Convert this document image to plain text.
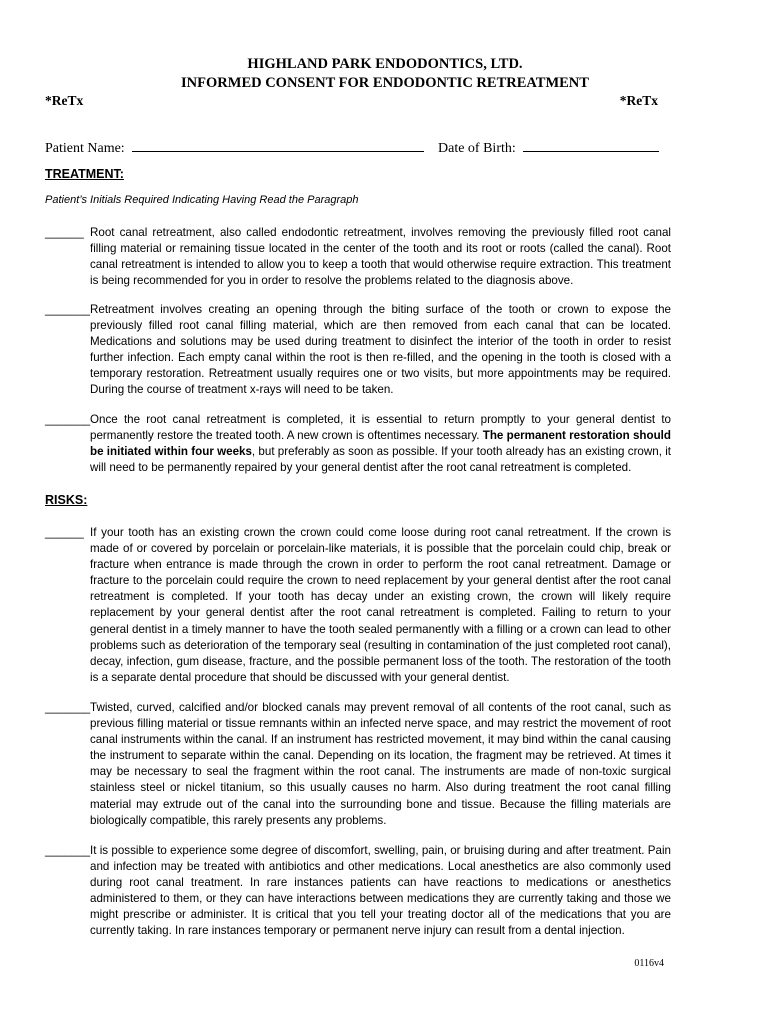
HIGHLAND PARK ENDODONTICS, LTD.
INFORMED CONSENT FOR ENDODONTIC RETREATMENT
*ReTx	*ReTx
Patient Name:	Date of Birth:
TREATMENT:
Patient’s Initials Required Indicating Having Read the Paragraph
______ Root canal retreatment, also called endodontic retreatment, involves removing the previously filled root canal filling material or remaining tissue located in the center of the tooth and its root or roots (called the canal). Root canal retreatment is intended to allow you to keep a tooth that would otherwise require extraction. This treatment is being recommended for you in order to resolve the problems related to the diagnosis above.
_______ Retreatment involves creating an opening through the biting surface of the tooth or crown to expose the previously filled root canal filling material, which are then removed from each canal that can be located. Medications and solutions may be used during treatment to disinfect the interior of the tooth in order to resist further infection. Each empty canal within the root is then re-filled, and the opening in the tooth is closed with a temporary restoration. Retreatment usually requires one or two visits, but more appointments may be required. During the course of treatment x-rays will need to be taken.
_______ Once the root canal retreatment is completed, it is essential to return promptly to your general dentist to permanently restore the treated tooth. A new crown is oftentimes necessary. The permanent restoration should be initiated within four weeks, but preferably as soon as possible. If your tooth already has an existing crown, it will need to be permanently repaired by your general dentist after the root canal retreatment is completed.
RISKS:
______ If your tooth has an existing crown the crown could come loose during root canal retreatment. If the crown is made of or covered by porcelain or porcelain-like materials, it is possible that the porcelain could chip, break or fracture when entrance is made through the crown in order to perform the root canal retreatment. Damage or fracture to the porcelain could require the crown to need replacement by your general dentist after the root canal retreatment is completed. If your tooth has decay under an existing crown, the crown will likely require replacement by your general dentist after the root canal retreatment is completed. Failing to return to your general dentist in a timely manner to have the tooth sealed permanently with a filling or a crown can lead to other problems such as deterioration of the temporary seal (resulting in contamination of the just completed root canal), decay, infection, gum disease, fracture, and the possible permanent loss of the tooth. The restoration of the tooth is a separate dental procedure that should be discussed with your general dentist.
_______ Twisted, curved, calcified and/or blocked canals may prevent removal of all contents of the root canal, such as previous filling material or tissue remnants within an infected nerve space, and may restrict the movement of root canal instruments within the canal. If an instrument has restricted movement, it may bind within the canal causing the instrument to separate within the canal. Depending on its location, the fragment may be retrieved. At times it may be necessary to seal the fragment within the root canal. The instruments are made of non-toxic surgical stainless steel or nickel titanium, so this usually causes no harm. Also during treatment the root canal filling material may extrude out of the canal into the surrounding bone and tissue. Because the filling materials are biologically compatible, this rarely presents any problems.
_______ It is possible to experience some degree of discomfort, swelling, pain, or bruising during and after treatment. Pain and infection may be treated with antibiotics and other medications. Local anesthetics are also commonly used during root canal treatment. In rare instances patients can have reactions to medications or anesthetics administered to them, or they can have interactions between medications they are currently taking and those we might prescribe or administer. It is critical that you tell your treating doctor all of the medications that you are currently taking. In rare instances temporary or permanent nerve injury can result from a dental injection.
0116v4
